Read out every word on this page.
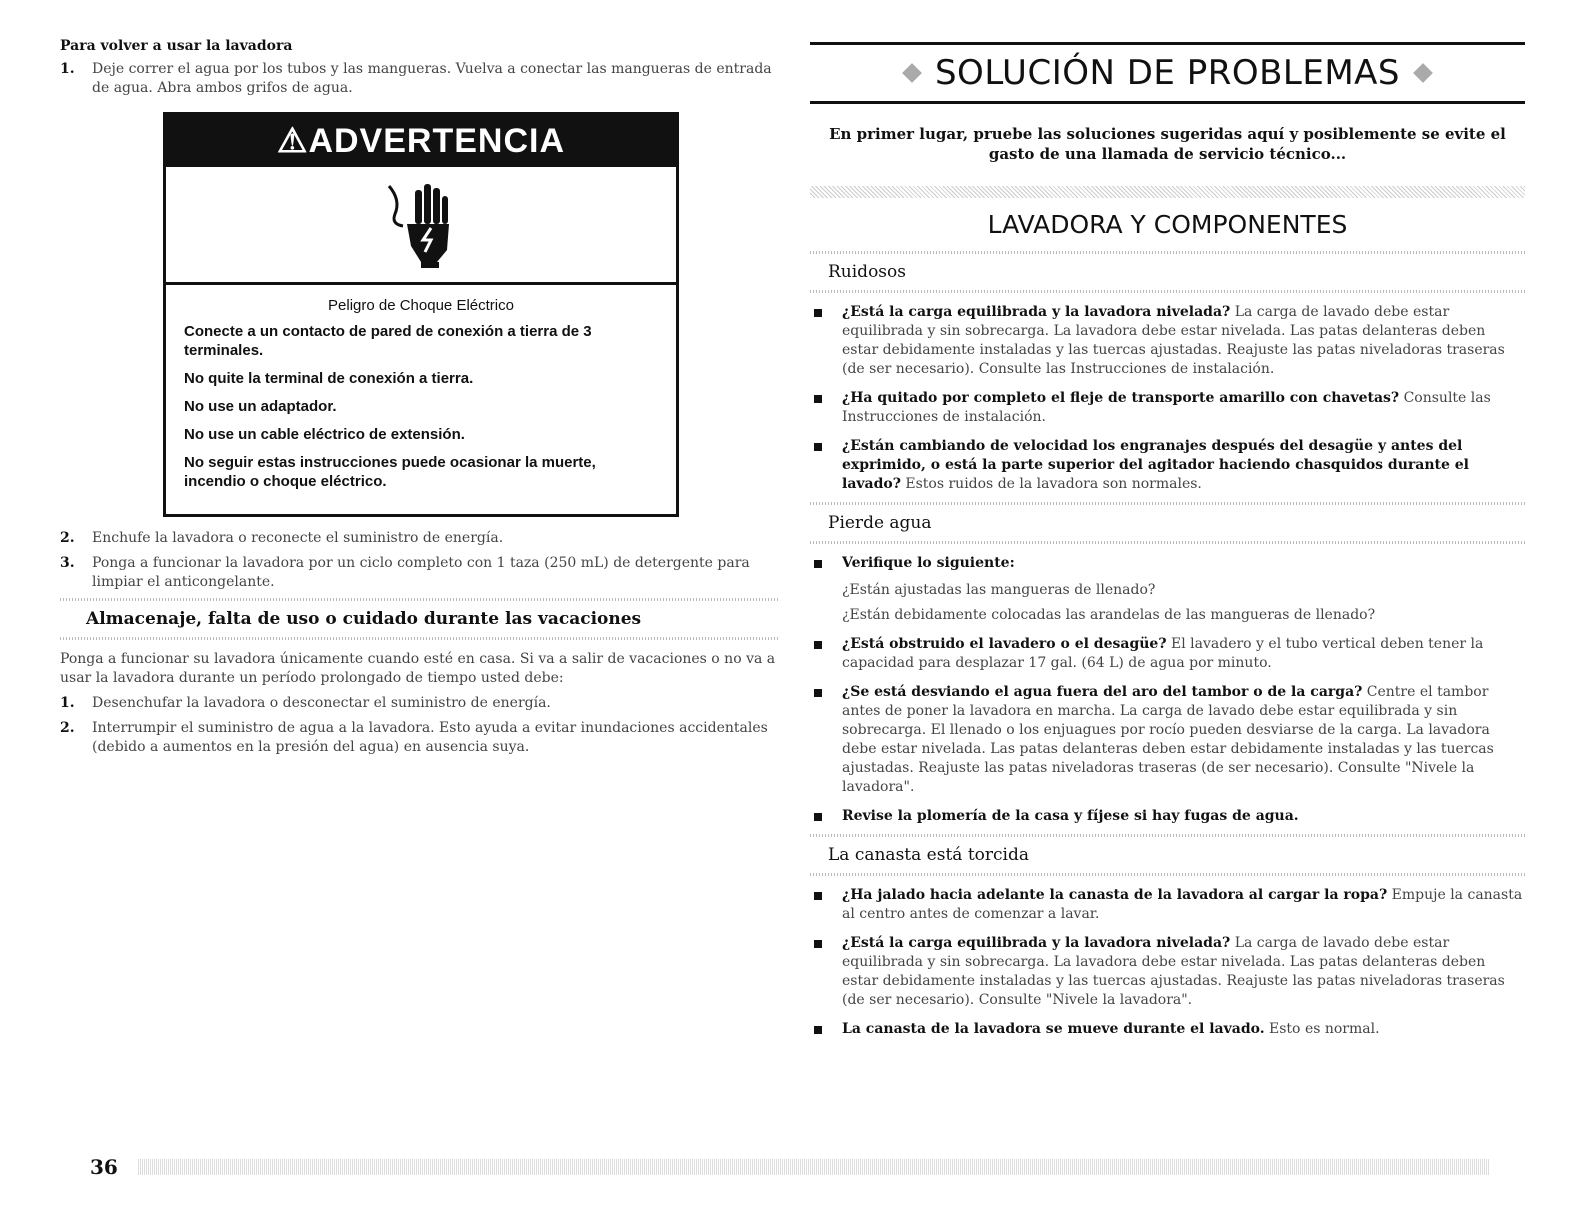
Para volver a usar la lavadora
1.	Deje correr el agua por los tubos y las mangueras. Vuelva a conectar las mangueras de entrada de agua. Abra ambos grifos de agua.
⚠ADVERTENCIA
Peligro de Choque Eléctrico
Conecte a un contacto de pared de conexión a tierra de 3 terminales.
No quite la terminal de conexión a tierra.
No use un adaptador.
No use un cable eléctrico de extensión.
No seguir estas instrucciones puede ocasionar la muerte, incendio o choque eléctrico.
2.	Enchufe la lavadora o reconecte el suministro de energía.
3.	Ponga a funcionar la lavadora por un ciclo completo con 1 taza (250 mL) de detergente para limpiar el anticongelante.
Almacenaje, falta de uso o cuidado durante las vacaciones
Ponga a funcionar su lavadora únicamente cuando esté en casa. Si va a salir de vacaciones o no va a usar la lavadora durante un período prolongado de tiempo usted debe:
1.	Desenchufar la lavadora o desconectar el suministro de energía.
2.	Interrumpir el suministro de agua a la lavadora. Esto ayuda a evitar inundaciones accidentales (debido a aumentos en la presión del agua) en ausencia suya.
SOLUCIÓN DE PROBLEMAS
En primer lugar, pruebe las soluciones sugeridas aquí y posiblemente se evite el gasto de una llamada de servicio técnico...
LAVADORA Y COMPONENTES
Ruidosos
¿Está la carga equilibrada y la lavadora nivelada? La carga de lavado debe estar equilibrada y sin sobrecarga. La lavadora debe estar nivelada. Las patas delanteras deben estar debidamente instaladas y las tuercas ajustadas. Reajuste las patas niveladoras traseras (de ser necesario). Consulte las Instrucciones de instalación.
¿Ha quitado por completo el fleje de transporte amarillo con chavetas? Consulte las Instrucciones de instalación.
¿Están cambiando de velocidad los engranajes después del desagüe y antes del exprimido, o está la parte superior del agitador haciendo chasquidos durante el lavado? Estos ruidos de la lavadora son normales.
Pierde agua
Verifique lo siguiente:
¿Están ajustadas las mangueras de llenado?
¿Están debidamente colocadas las arandelas de las mangueras de llenado?
¿Está obstruido el lavadero o el desagüe? El lavadero y el tubo vertical deben tener la capacidad para desplazar 17 gal. (64 L) de agua por minuto.
¿Se está desviando el agua fuera del aro del tambor o de la carga? Centre el tambor antes de poner la lavadora en marcha. La carga de lavado debe estar equilibrada y sin sobrecarga. El llenado o los enjuagues por rocío pueden desviarse de la carga. La lavadora debe estar nivelada. Las patas delanteras deben estar debidamente instaladas y las tuercas ajustadas. Reajuste las patas niveladoras traseras (de ser necesario). Consulte "Nivele la lavadora".
Revise la plomería de la casa y fíjese si hay fugas de agua.
La canasta está torcida
¿Ha jalado hacia adelante la canasta de la lavadora al cargar la ropa? Empuje la canasta al centro antes de comenzar a lavar.
¿Está la carga equilibrada y la lavadora nivelada? La carga de lavado debe estar equilibrada y sin sobrecarga. La lavadora debe estar nivelada. Las patas delanteras deben estar debidamente instaladas y las tuercas ajustadas. Reajuste las patas niveladoras traseras (de ser necesario). Consulte "Nivele la lavadora".
La canasta de la lavadora se mueve durante el lavado. Esto es normal.
36
